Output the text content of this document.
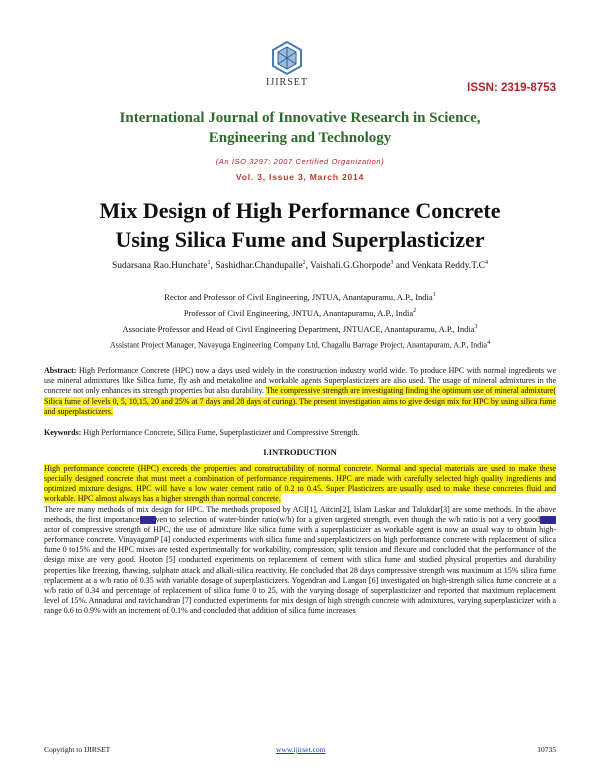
IJIRSET	ISSN: 2319-8753
International Journal of Innovative Research in Science,
Engineering and Technology
(An ISO 3297: 2007 Certified Organization)
Vol. 3, Issue 3, March 2014
Mix Design of High Performance Concrete
Using Silica Fume and Superplasticizer
Sudarsana Rao.Hunchate$^1$, Sashidhar.Chandupalle$^2$, Vaishali.G.Ghorpode$^3$ and Venkata $Reddy.T.C^4$
Rector and Professor of Civil Engineering, JNTUA, Anantapuramu, A.P., India$^1$
Professor of Civil Engineering, JNTUA, Anantapuramu, A.P., India$^2$
Associate Professor and Head of Civil Engineering Department, JNTUACE, Anantapuramu, A.P., India$^3$
Assistant Project Manager, Navayuga Engineering Company Ltd, Chagallu Barrage Project, Anantapuram, A.P., India$^4$
Abstract: High Performance Concrete (HPC) now a days used widely in the construction industry world wide. To produce HPC with normal ingredients we use mineral admixtures like Silica fume, fly ash and metakoline and workable agents Superplasticizers are also used. The usage of mineral admixtures in the concrete not only enhances its strength properties but also durability. The compressive strength are investigating finding the optimum use of mineral admixture( Silica fume of levels 0, 5, 10,15, 20 and 25% at 7 days and 28 days of curing). The present investigation aims to give design mix for HPC by using silica fume and superplasticizers.
Keywords: High Performance Concrete, Silica Fume, Superplasticizer and Compressive Strength.
I.INTRODUCTION

High performance concrete (HPC) exceeds the properties and constructability of normal concrete. Normal and special materials are used to make these specially designed concrete that must meet a combination of performance requirements. HPC are made with carefully selected high quality ingredients and optimized mixture designs. HPC will have a low water cement ratio of 0.2 to 0.45. Super Plasticizers are usually used to make these concretes fluid and workable. HPC almost always has a higher strength than normal concrete.

There are many methods of mix design for HPC. The methods proposed by ACI[1], Aitcin[2], Islam Laskar and Talukdar[3] are some methods. In the above methods, the first importance ven to selection of water-binder ratio(w/b) for a given targeted strength, even though the w/b ratio is not a very goodactor of compressive strength of HPC, the use of admixture like silica fume with a superplasticizer as workable agent is now an usual way to obtain high-performance concrete. VinayagamP [4] conducted experiments with silica fume and superplasticizers on high performance concrete with replacement of silica fume 0 to15% and the HPC mixes are tested experimentally for workability, compression, split tension and flexure and concluded that the performance of the design mixe are very good. Hooton [5] conducted experiments on replacement of cement with silica fume and studied physical properties and durability properties like freezing, thawing, sulphate attack and alkali-silica reactivity. He concluded that 28 days compressive strength was maximum at 15% silica fume replacement at a w/b ratio of 0.35 with variable dosage of superplasticizers. Yogendran and Langan [6] investigated on high-strength silica fume concrete at a w/b ratio of 0.34 and percentage of replacement of silica fume 0 to 25, with the varying dosage of superplasticizer and reported that maximum replacement level of 15%. Annadurai and ravichandran [7] conducted experiments for mix design of high strength concrete with admixtures, varying superplasticizer with a range 0.6 to 0.9% with an increment of 0.1% and concluded that addition of silica fume increases

Copyright to IJIRSET	www.ijirset.com	10735
